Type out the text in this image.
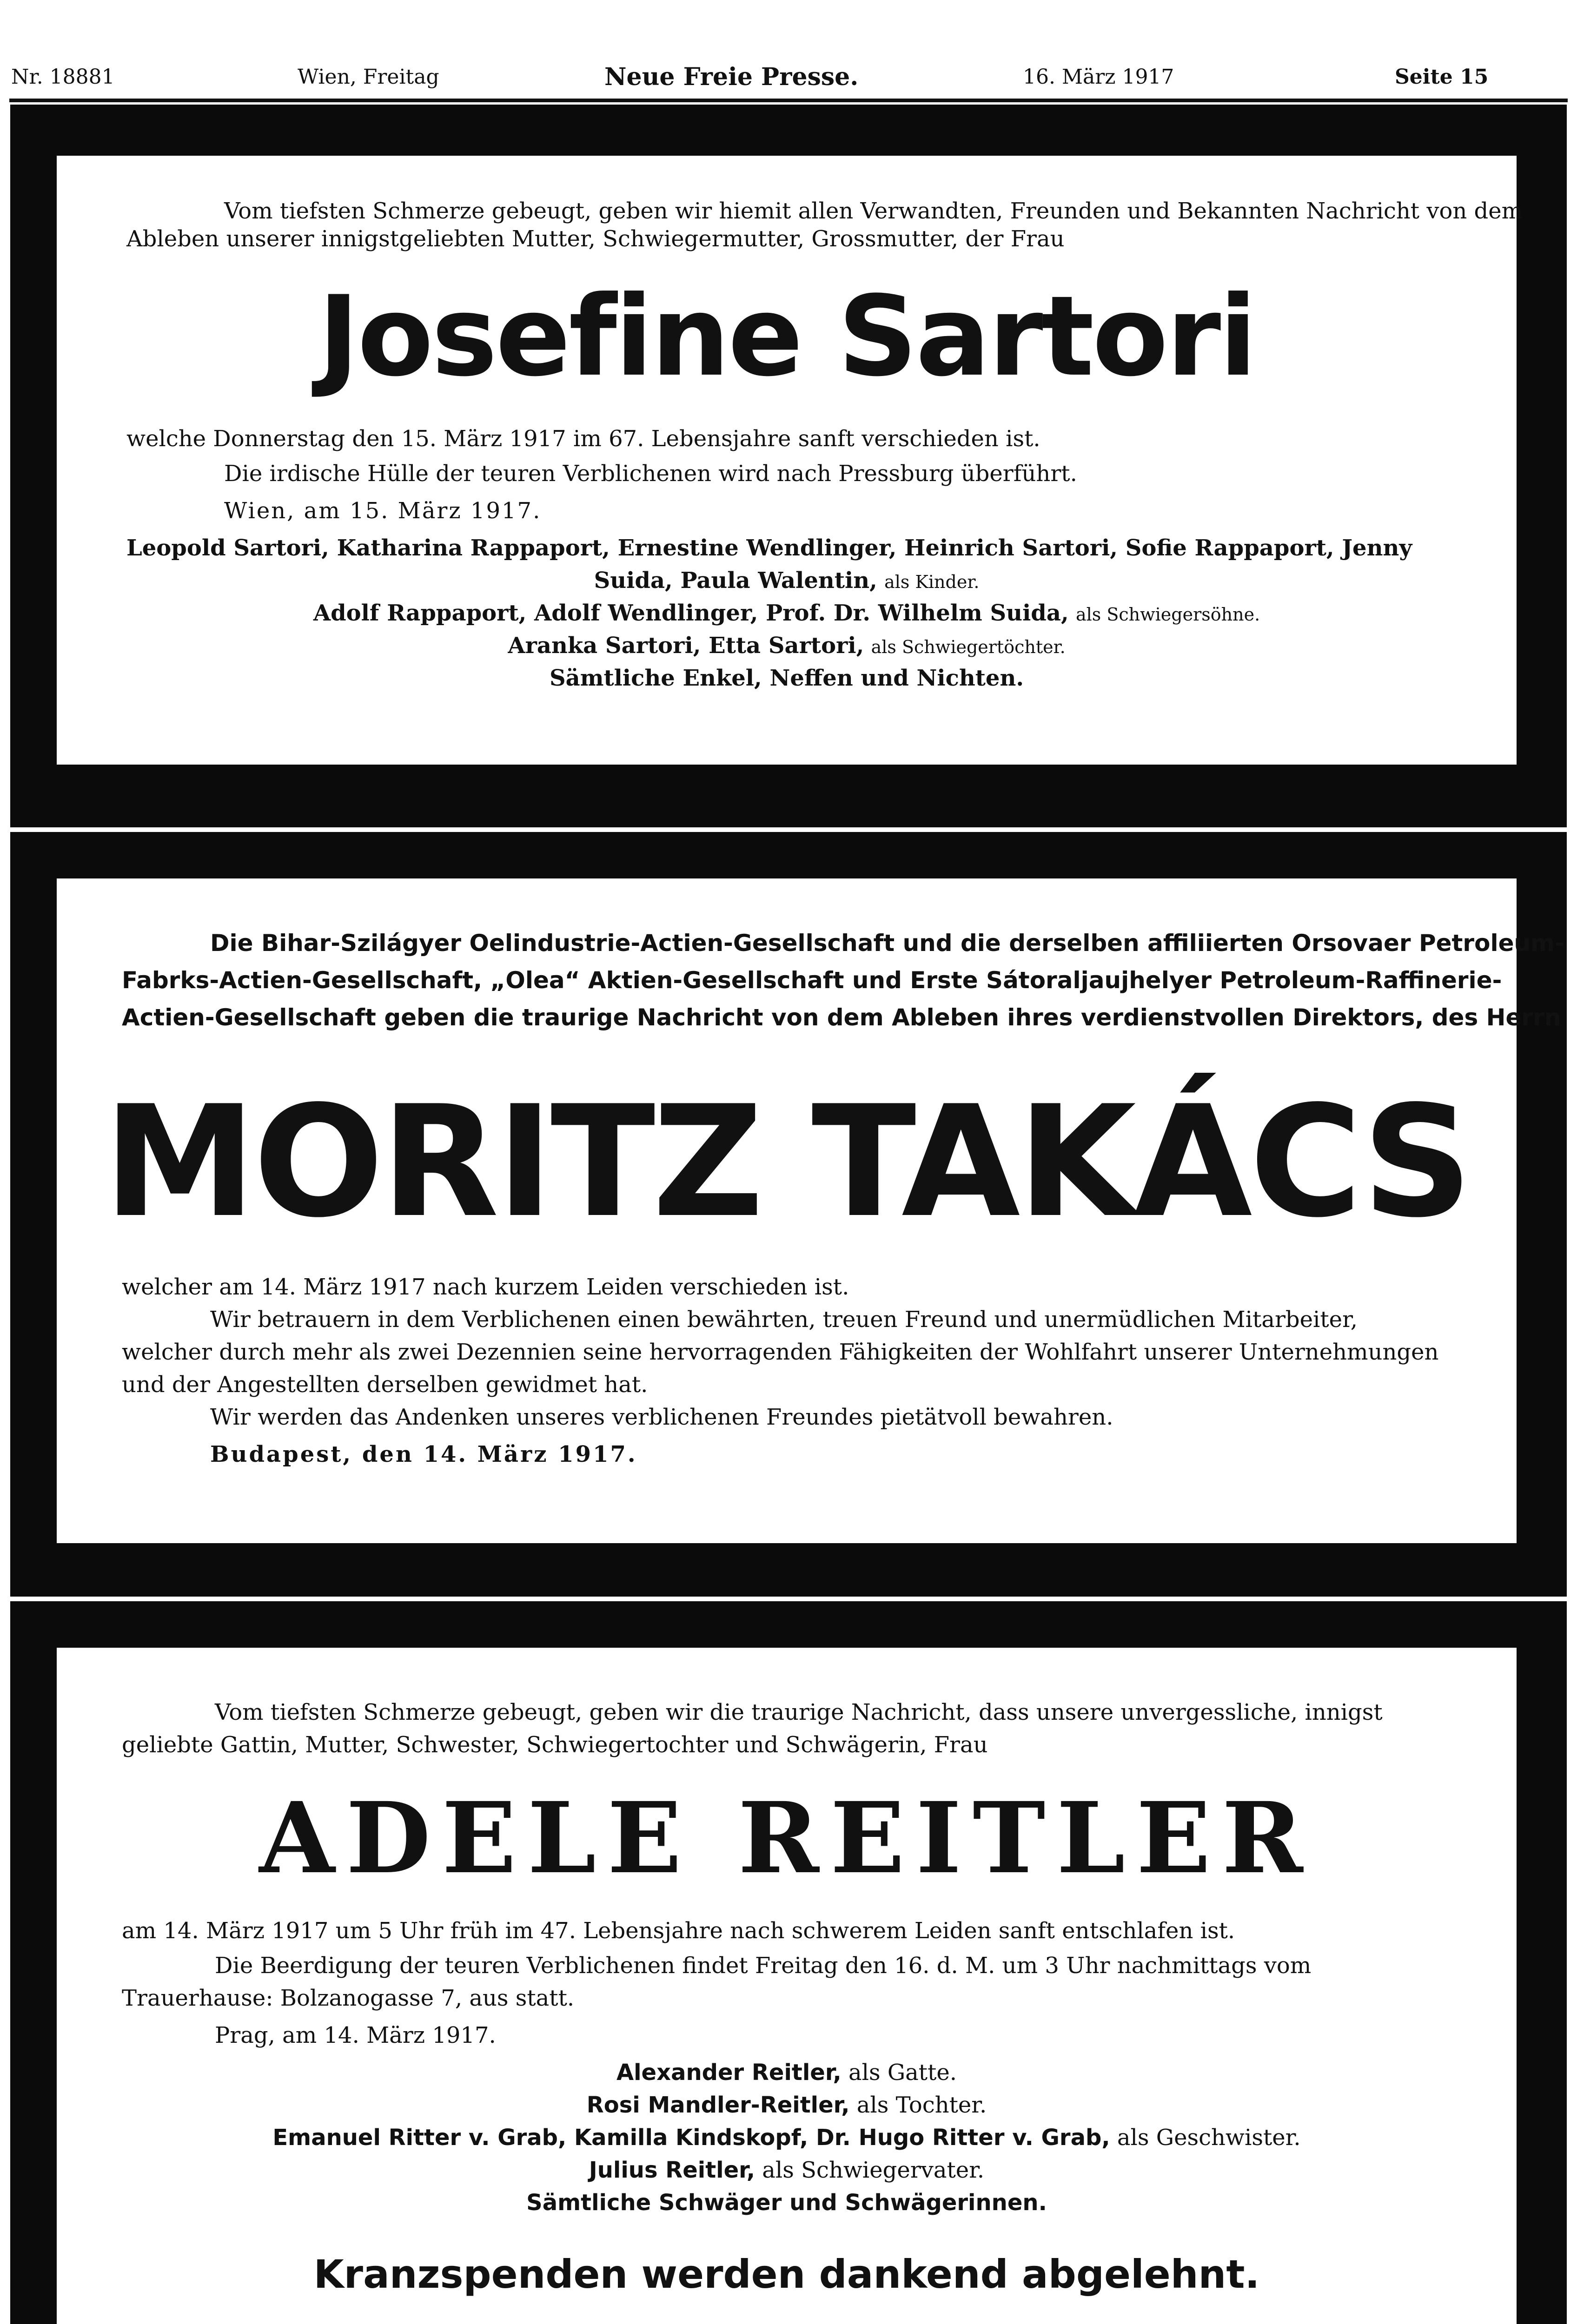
Nr. 18881	Wien, Freitag	Neue Freie Presse.	16. März 1917	Seite 15
Vom tiefsten Schmerze gebeugt, geben wir hiemit allen Verwandten, Freunden und Bekannten Nachricht von dem
Ableben unserer innigstgeliebten Mutter, Schwiegermutter, Grossmutter, der Frau
Josefine Sartori
welche Donnerstag den 15. März 1917 im 67. Lebensjahre sanft verschieden ist.
Die irdische Hülle der teuren Verblichenen wird nach Pressburg überführt.
Wien, am 15. März 1917.
Leopold Sartori, Katharina Rappaport, Ernestine Wendlinger, Heinrich Sartori, Sofie Rappaport, Jenny
Suida, Paula Walentin, als Kinder.
Adolf Rappaport, Adolf Wendlinger, Prof. Dr. Wilhelm Suida, als Schwiegersöhne.
Aranka Sartori, Etta Sartori, als Schwiegertöchter.
Sämtliche Enkel, Neffen und Nichten.
Die Bihar-Szilágyer Oelindustrie-Actien-Gesellschaft und die derselben affiliierten Orsovaer Petroleum-
Fabrks-Actien-Gesellschaft, „Olea“ Aktien-Gesellschaft und Erste Sátoraljaujhelyer Petroleum-Raffinerie-
Actien-Gesellschaft geben die traurige Nachricht von dem Ableben ihres verdienstvollen Direktors, des Herrn
MORITZ TAKÁCS
welcher am 14. März 1917 nach kurzem Leiden verschieden ist.
Wir betrauern in dem Verblichenen einen bewährten, treuen Freund und unermüdlichen Mitarbeiter,
welcher durch mehr als zwei Dezennien seine hervorragenden Fähigkeiten der Wohlfahrt unserer Unternehmungen
und der Angestellten derselben gewidmet hat.
Wir werden das Andenken unseres verblichenen Freundes pietätvoll bewahren.
Budapest, den 14. März 1917.
Vom tiefsten Schmerze gebeugt, geben wir die traurige Nachricht, dass unsere unvergessliche, innigst
geliebte Gattin, Mutter, Schwester, Schwiegertochter und Schwägerin, Frau
ADELE REITLER
am 14. März 1917 um 5 Uhr früh im 47. Lebensjahre nach schwerem Leiden sanft entschlafen ist.
Die Beerdigung der teuren Verblichenen findet Freitag den 16. d. M. um 3 Uhr nachmittags vom
Trauerhause: Bolzanogasse 7, aus statt.
Prag, am 14. März 1917.
Alexander Reitler, als Gatte.
Rosi Mandler-Reitler, als Tochter.
Emanuel Ritter v. Grab, Kamilla Kindskopf, Dr. Hugo Ritter v. Grab, als Geschwister.
Julius Reitler, als Schwiegervater.
Sämtliche Schwäger und Schwägerinnen.
Kranzspenden werden dankend abgelehnt.
